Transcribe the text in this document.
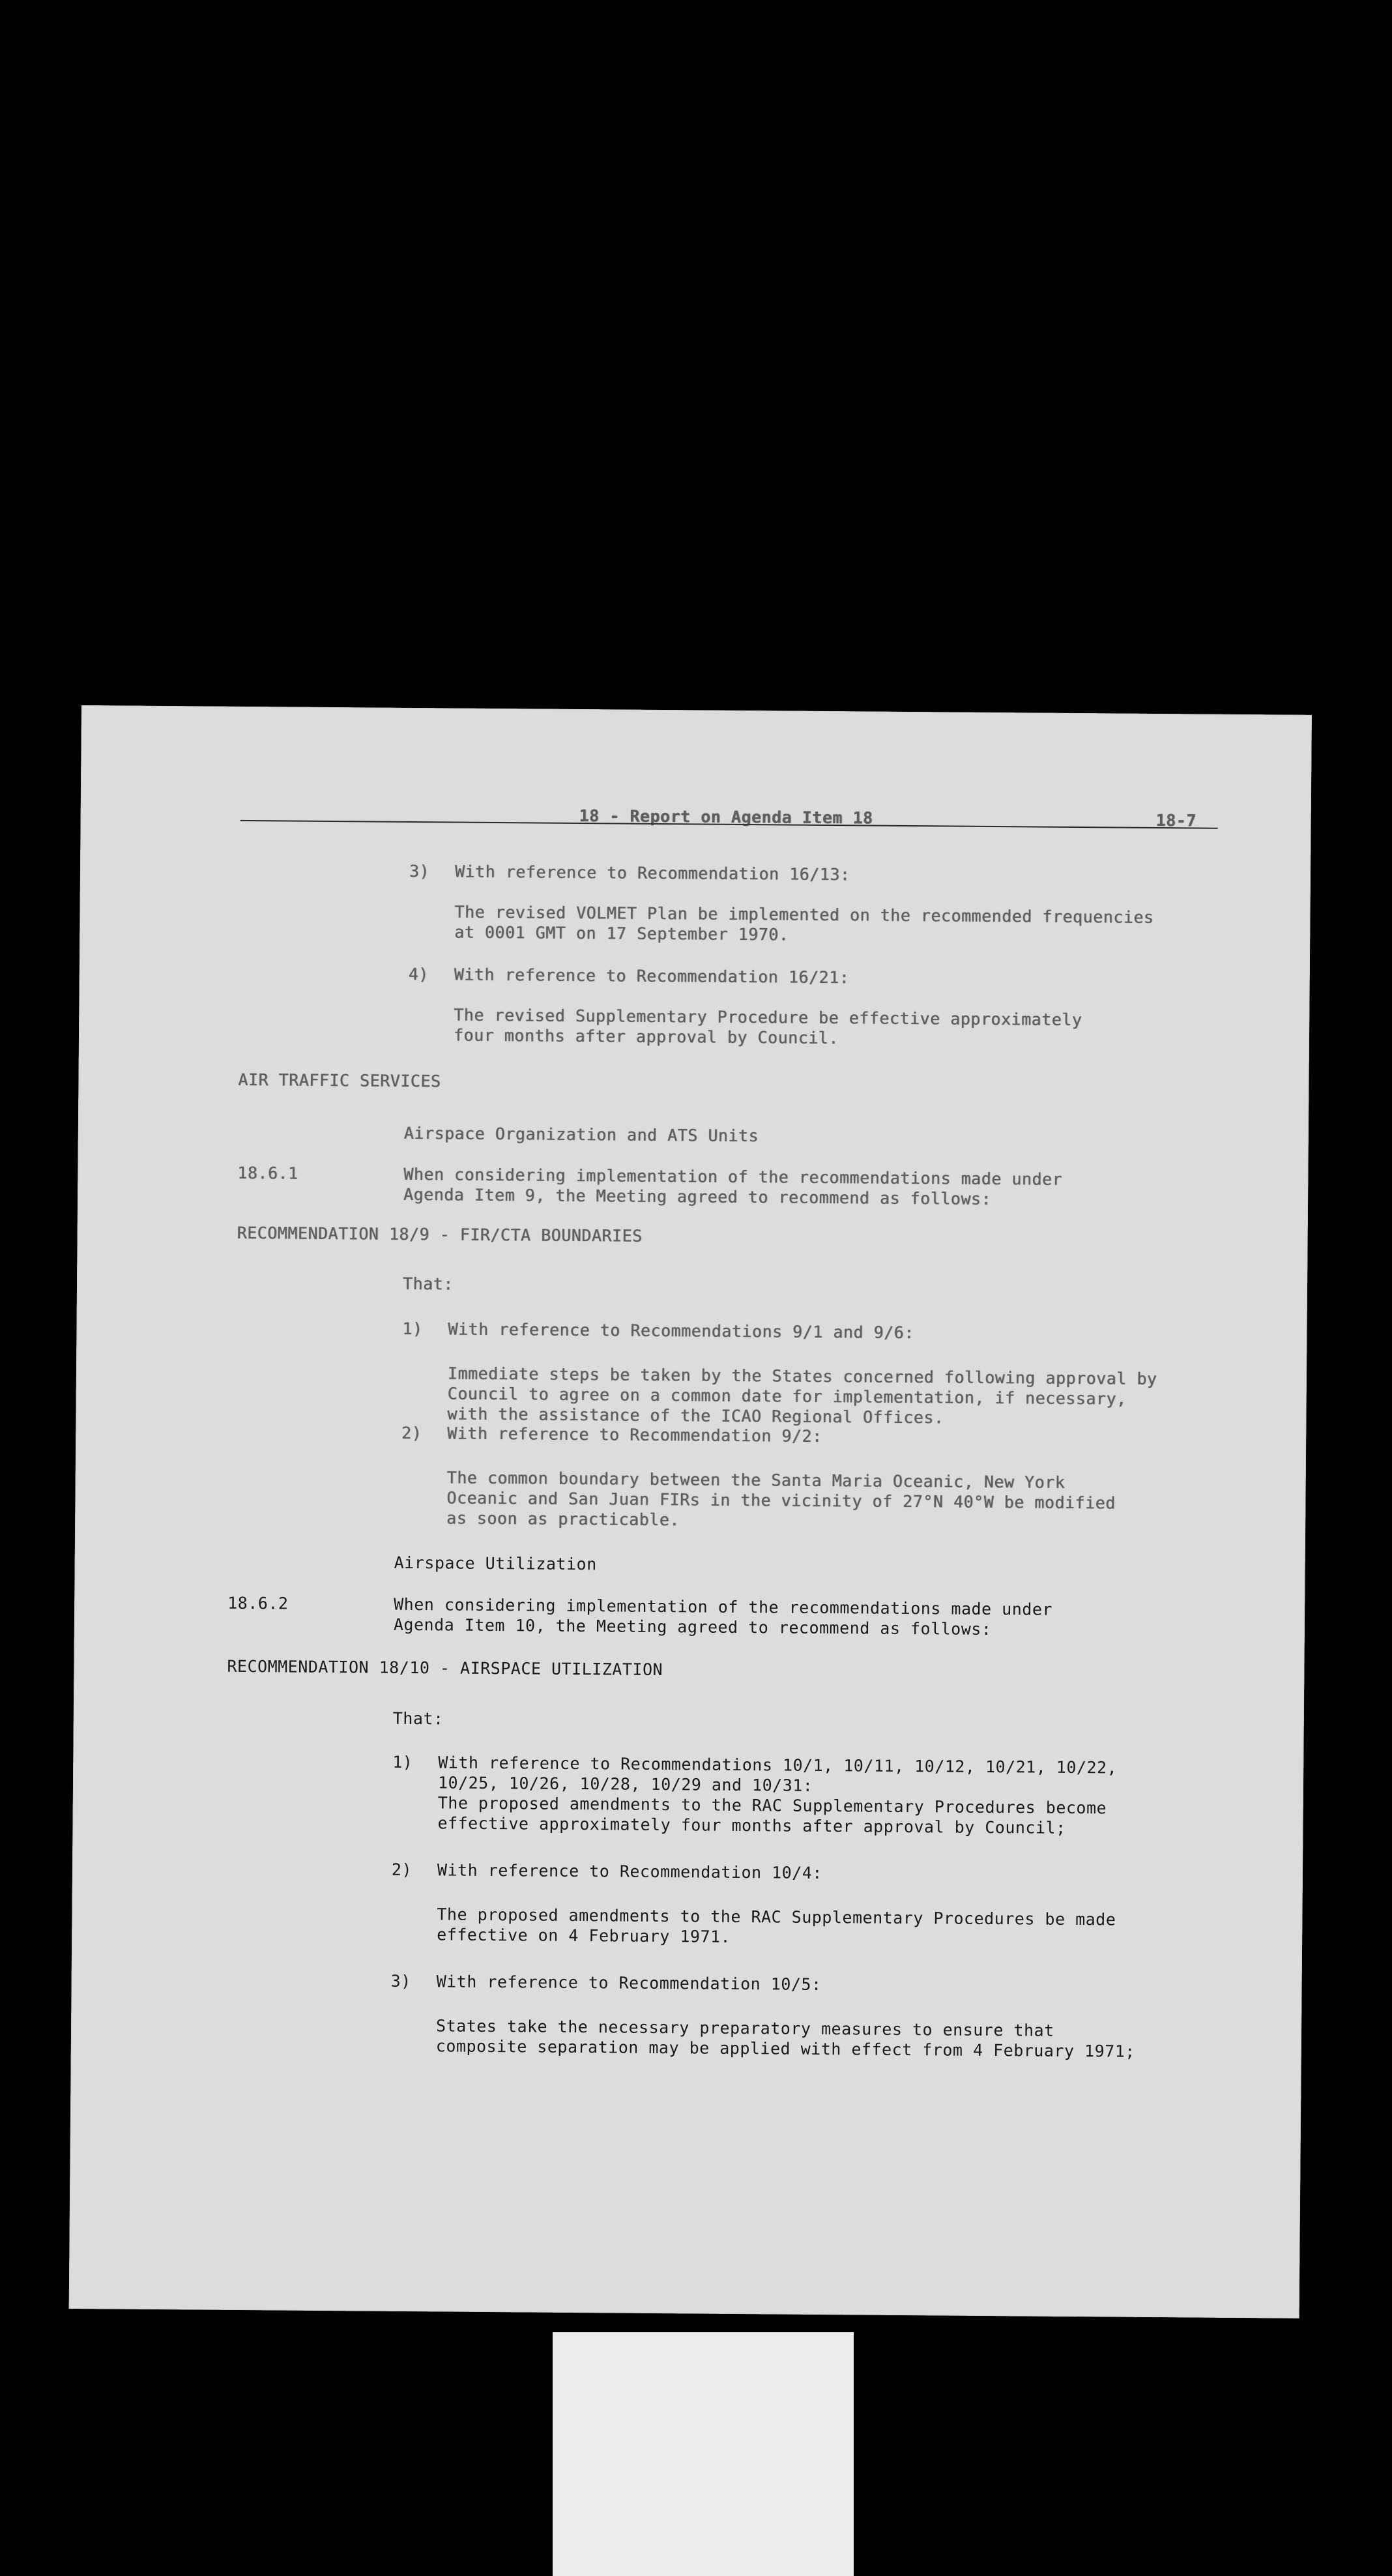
18 - Report on Agenda Item 18	18-7
3) With reference to Recommendation 16/13:
The revised VOLMET Plan be implemented on the recommended frequencies
at 0001 GMT on 17 September 1970.
4) With reference to Recommendation 16/21:
The revised Supplementary Procedure be effective approximately
four months after approval by Council.
AIR TRAFFIC SERVICES
Airspace Organization and ATS Units
18.6.1	When considering implementation of the recommendations made under
Agenda Item 9, the Meeting agreed to recommend as follows:
RECOMMENDATION 18/9 - FIR/CTA BOUNDARIES
That:
1) With reference to Recommendations 9/1 and 9/6:
Immediate steps be taken by the States concerned following approval by
Council to agree on a common date for implementation, if necessary,
with the assistance of the ICAO Regional Offices.
2) With reference to Recommendation 9/2:
The common boundary between the Santa Maria Oceanic, New York
Oceanic and San Juan FIRs in the vicinity of 27°N 40°W be modified
as soon as practicable.
Airspace Utilization
18.6.2	When considering implementation of the recommendations made under
Agenda Item 10, the Meeting agreed to recommend as follows:
RECOMMENDATION 18/10 - AIRSPACE UTILIZATION
That:
1) With reference to Recommendations 10/1, 10/11, 10/12, 10/21, 10/22,
10/25, 10/26, 10/28, 10/29 and 10/31:
The proposed amendments to the RAC Supplementary Procedures become
effective approximately four months after approval by Council;
2) With reference to Recommendation 10/4:
The proposed amendments to the RAC Supplementary Procedures be made
effective on 4 February 1971.
3) With reference to Recommendation 10/5:
States take the necessary preparatory measures to ensure that
composite separation may be applied with effect from 4 February 1971;
